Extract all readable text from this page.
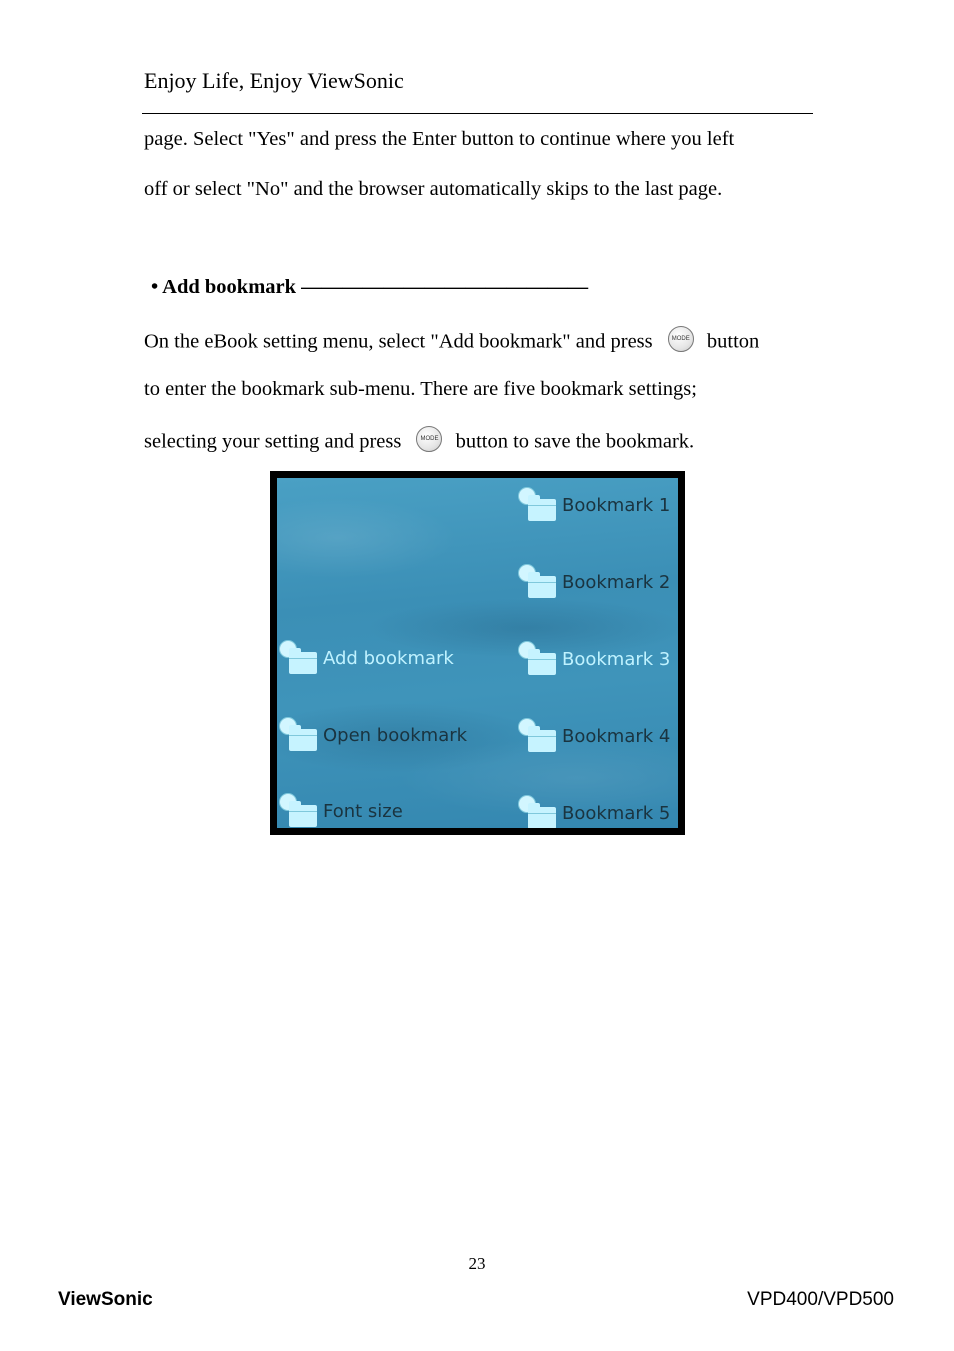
Enjoy Life, Enjoy ViewSonic
page. Select "Yes" and press the Enter button to continue where you left
off or select "No" and the browser automatically skips to the last page.
• Add bookmark ——————————————
On the eBook setting menu, select "Add bookmark" and press	MODE button
to enter the bookmark sub-menu. There are five bookmark settings;
selecting your setting and press	MODE button to save the bookmark.
Add bookmark
Open bookmark
Font size
Bookmark 1
Bookmark 2
Bookmark 3
Bookmark 4
Bookmark 5
23
ViewSonic	VPD400/VPD500
